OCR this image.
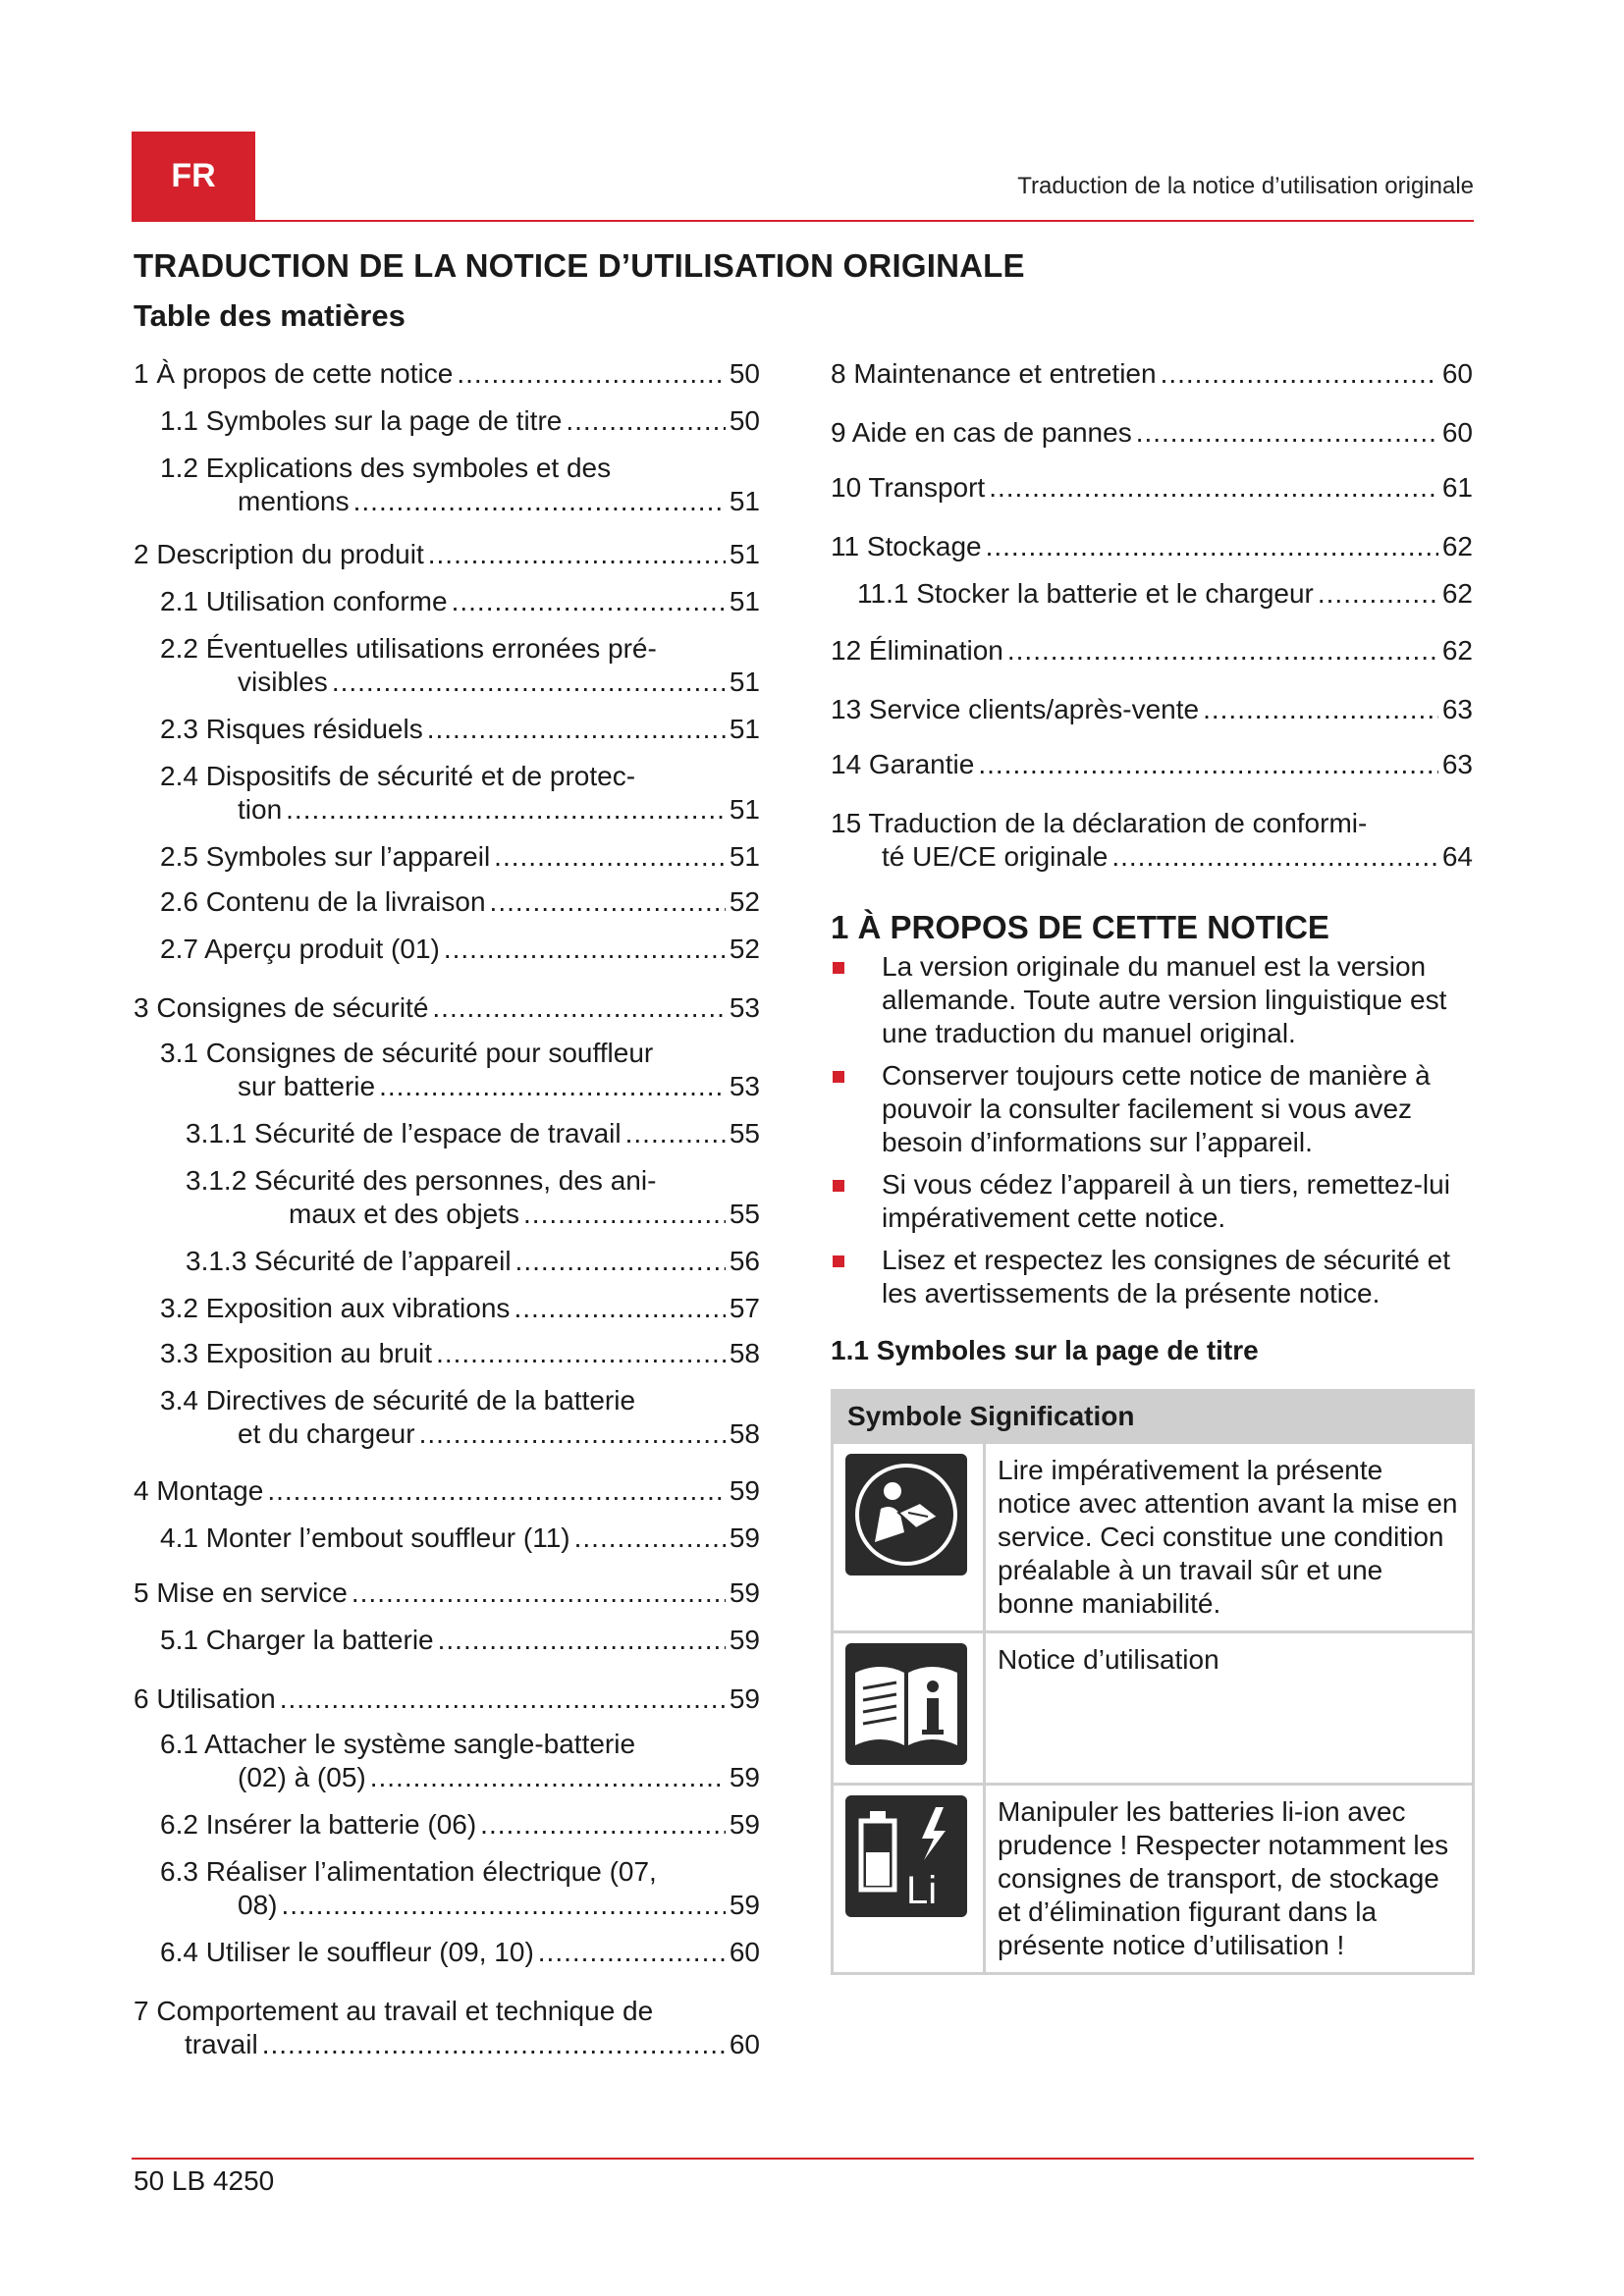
FR	Traduction de la notice d’utilisation originale
TRADUCTION DE LA NOTICE D’UTILISATION ORIGINALE
Table des matières
1 À propos de cette notice .....	50
1.1 Symboles sur la page de titre .....	50
1.2 Explications des symboles et des
mentions .....	51
2 Description du produit .....	51
2.1 Utilisation conforme .....	51
2.2 Éventuelles utilisations erronées pré-
visibles .....	51
2.3 Risques résiduels .....	51
2.4 Dispositifs de sécurité et de protec-
tion .....	51
2.5 Symboles sur l’appareil .....	51
2.6 Contenu de la livraison .....	52
2.7 Aperçu produit (01) .....	52
3 Consignes de sécurité .....	53
3.1 Consignes de sécurité pour souffleur
sur batterie .....	53
3.1.1 Sécurité de l’espace de travail .....	55
3.1.2 Sécurité des personnes, des ani-
maux et des objets .....	55
3.1.3 Sécurité de l’appareil .....	56
3.2 Exposition aux vibrations .....	57
3.3 Exposition au bruit .....	58
3.4 Directives de sécurité de la batterie
et du chargeur .....	58
4 Montage .....	59
4.1 Monter l’embout souffleur (11) .....	59
5 Mise en service .....	59
5.1 Charger la batterie .....	59
6 Utilisation .....	59
6.1 Attacher le système sangle-batterie
(02) à (05) .....	59
6.2 Insérer la batterie (06) .....	59
6.3 Réaliser l’alimentation électrique (07,
08) .....	59
6.4 Utiliser le souffleur (09, 10) .....	60
7 Comportement au travail et technique de
travail .....	60
8 Maintenance et entretien .....	60
9 Aide en cas de pannes .....	60
10 Transport .....	61
11 Stockage .....	62
11.1 Stocker la batterie et le chargeur .....	62
12 Élimination .....	62
13 Service clients/après-vente .....	63
14 Garantie .....	63
15 Traduction de la déclaration de conformi-
té UE/CE originale .....	64
1 À PROPOS DE CETTE NOTICE
La version originale du manuel est la version allemande. Toute autre version linguistique est une traduction du manuel original.
Conserver toujours cette notice de manière à pouvoir la consulter facilement si vous avez besoin d’informations sur l’appareil.
Si vous cédez l’appareil à un tiers, remettez-lui impérativement cette notice.
Lisez et respectez les consignes de sécurité et les avertissements de la présente notice.
1.1 Symboles sur la page de titre
Symbole Signification	
	Lire impérativement la présente notice avec attention avant la mise en service. Ceci constitue une condition préalable à un travail sûr et une bonne maniabilité.
	Notice d’utilisation

Li	Manipuler les batteries li-ion avec prudence ! Respecter notamment les consignes de transport, de stockage et d’élimination figurant dans la présente notice d’utilisation !
50 LB 4250
